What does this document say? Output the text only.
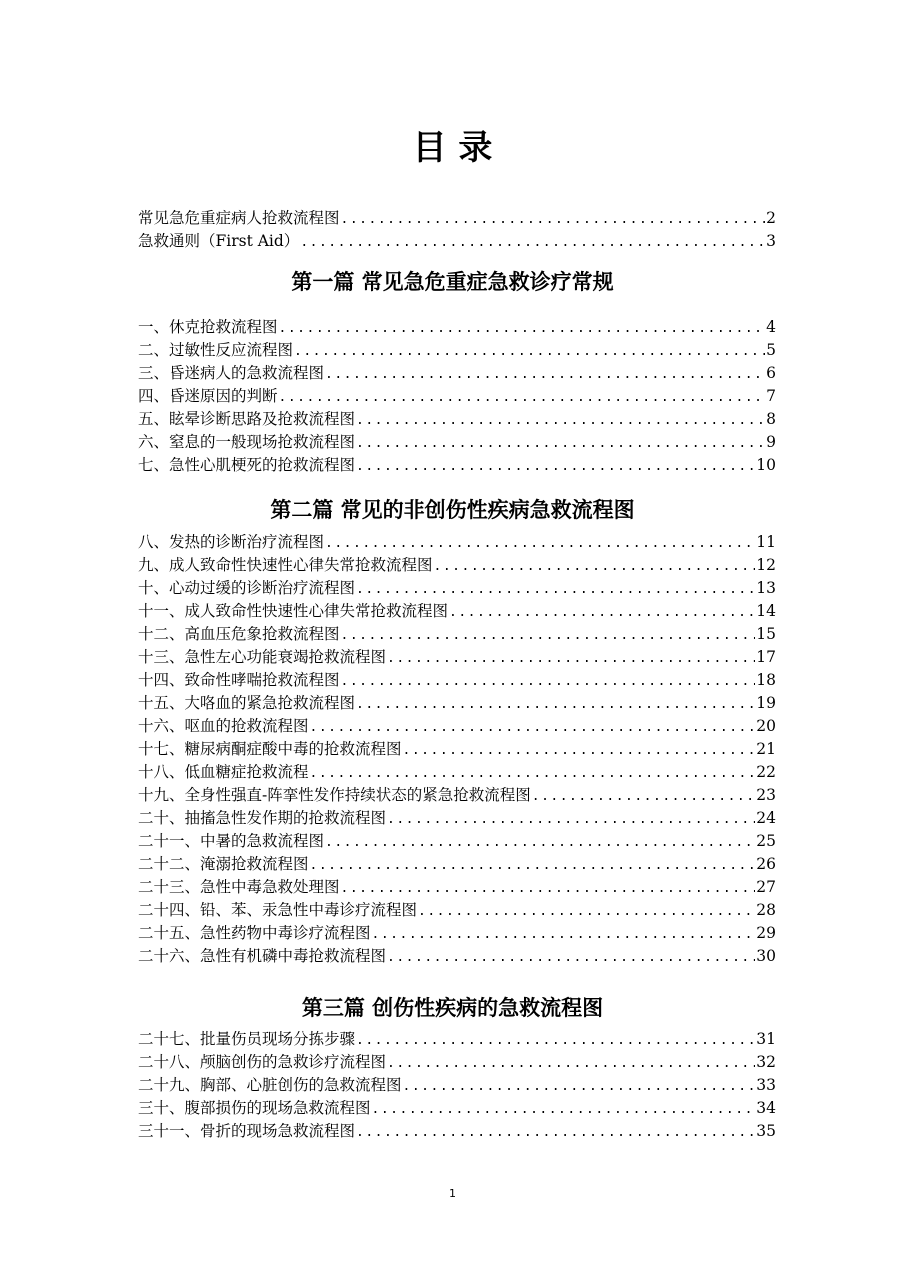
目 录
常见急危重症病人抢救流程图 .....	2
急救通则（First Aid） .....	3
第一篇 常见急危重症急救诊疗常规
一、休克抢救流程图 .....	4
二、过敏性反应流程图 .....	5
三、昏迷病人的急救流程图 .....	6
四、昏迷原因的判断 .....	7
五、眩晕诊断思路及抢救流程图 .....	8
六、窒息的一般现场抢救流程图 .....	9
七、急性心肌梗死的抢救流程图 .....	10
第二篇 常见的非创伤性疾病急救流程图
八、发热的诊断治疗流程图 .....	11
九、成人致命性快速性心律失常抢救流程图 .....	12
十、心动过缓的诊断治疗流程图 .....	13
十一、成人致命性快速性心律失常抢救流程图 .....	14
十二、高血压危象抢救流程图 .....	15
十三、急性左心功能衰竭抢救流程图 .....	17
十四、致命性哮喘抢救流程图 .....	18
十五、大咯血的紧急抢救流程图 .....	19
十六、呕血的抢救流程图 .....	20
十七、糖尿病酮症酸中毒的抢救流程图 .....	21
十八、低血糖症抢救流程 .....	22
十九、全身性强直-阵挛性发作持续状态的紧急抢救流程图 .....	23
二十、抽搐急性发作期的抢救流程图 .....	24
二十一、中暑的急救流程图 .....	25
二十二、淹溺抢救流程图 .....	26
二十三、急性中毒急救处理图 .....	27
二十四、铅、苯、汞急性中毒诊疗流程图 .....	28
二十五、急性药物中毒诊疗流程图 .....	29
二十六、急性有机磷中毒抢救流程图 .....	30
第三篇 创伤性疾病的急救流程图
二十七、批量伤员现场分拣步骤 .....	31
二十八、颅脑创伤的急救诊疗流程图 .....	32
二十九、胸部、心脏创伤的急救流程图 .....	33
三十、腹部损伤的现场急救流程图 .....	34
三十一、骨折的现场急救流程图 .....	35
1
